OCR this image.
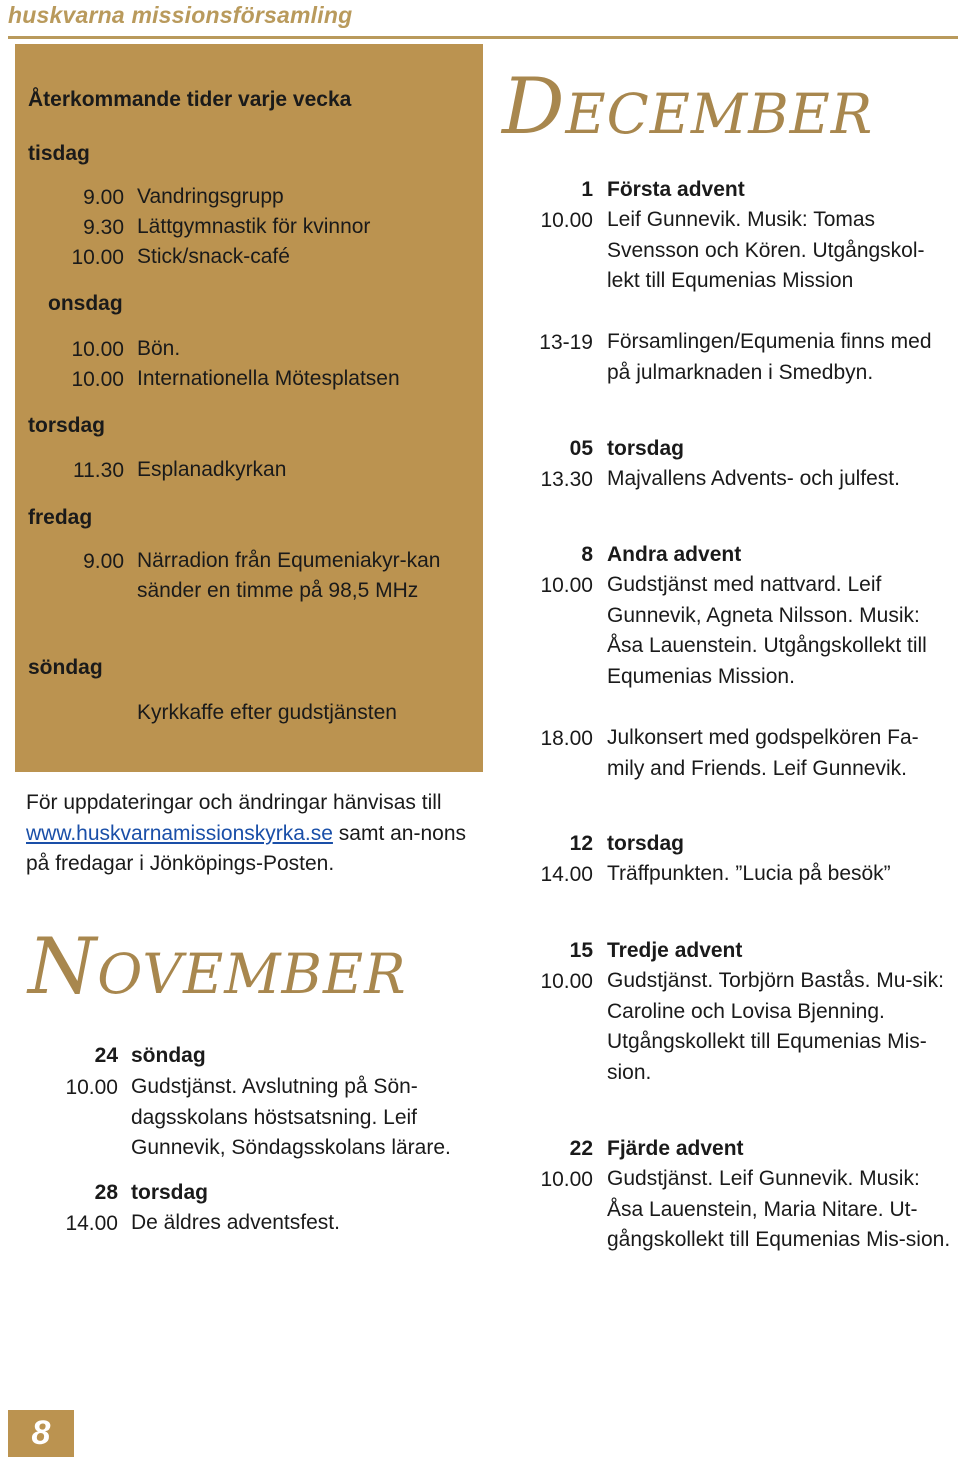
huskvarna missionsförsamling
Återkommande tider varje vecka
tisdag
9.00 Vandringsgrupp
9.30 Lättgymnastik för kvinnor
10.00 Stick/snack-café
onsdag
10.00 Bön.
10.00 Internationella Mötesplatsen
torsdag
11.30 Esplanadkyrkan
fredag
9.00 Närradion från Equmeniakyr-kan sänder en timme på 98,5 MHz
söndag
Kyrkkaffe efter gudstjänsten
För uppdateringar och ändringar hänvisas till
www.huskvarnamissionskyrka.se samt an-nons på fredagar i Jönköpings-Posten.
November
24 söndag
10.00 Gudstjänst. Avslutning på Sön-dagsskolans höstsatsning. Leif Gunnevik, Söndagsskolans lärare.
28 torsdag
14.00 De äldres adventsfest.
December
1 Första advent
10.00 Leif Gunnevik. Musik: Tomas Svensson och Kören. Utgångskol-lekt till Equmenias Mission
13-19 Församlingen/Equmenia finns med på julmarknaden i Smedbyn.
05 torsdag
13.30 Majvallens Advents- och julfest.
8 Andra advent
10.00 Gudstjänst med nattvard. Leif Gunnevik, Agneta Nilsson. Musik: Åsa Lauenstein. Utgångskollekt till Equmenias Mission.
18.00 Julkonsert med godspelkören Fa-mily and Friends. Leif Gunnevik.
12 torsdag
14.00 Träffpunkten. ”Lucia på besök”
15 Tredje advent
10.00 Gudstjänst. Torbjörn Bastås. Mu-sik: Caroline och Lovisa Bjenning. Utgångskollekt till Equmenias Mis-sion.
22 Fjärde advent
10.00 Gudstjänst. Leif Gunnevik. Musik: Åsa Lauenstein, Maria Nitare. Ut-gångskollekt till Equmenias Mis-sion.
8
